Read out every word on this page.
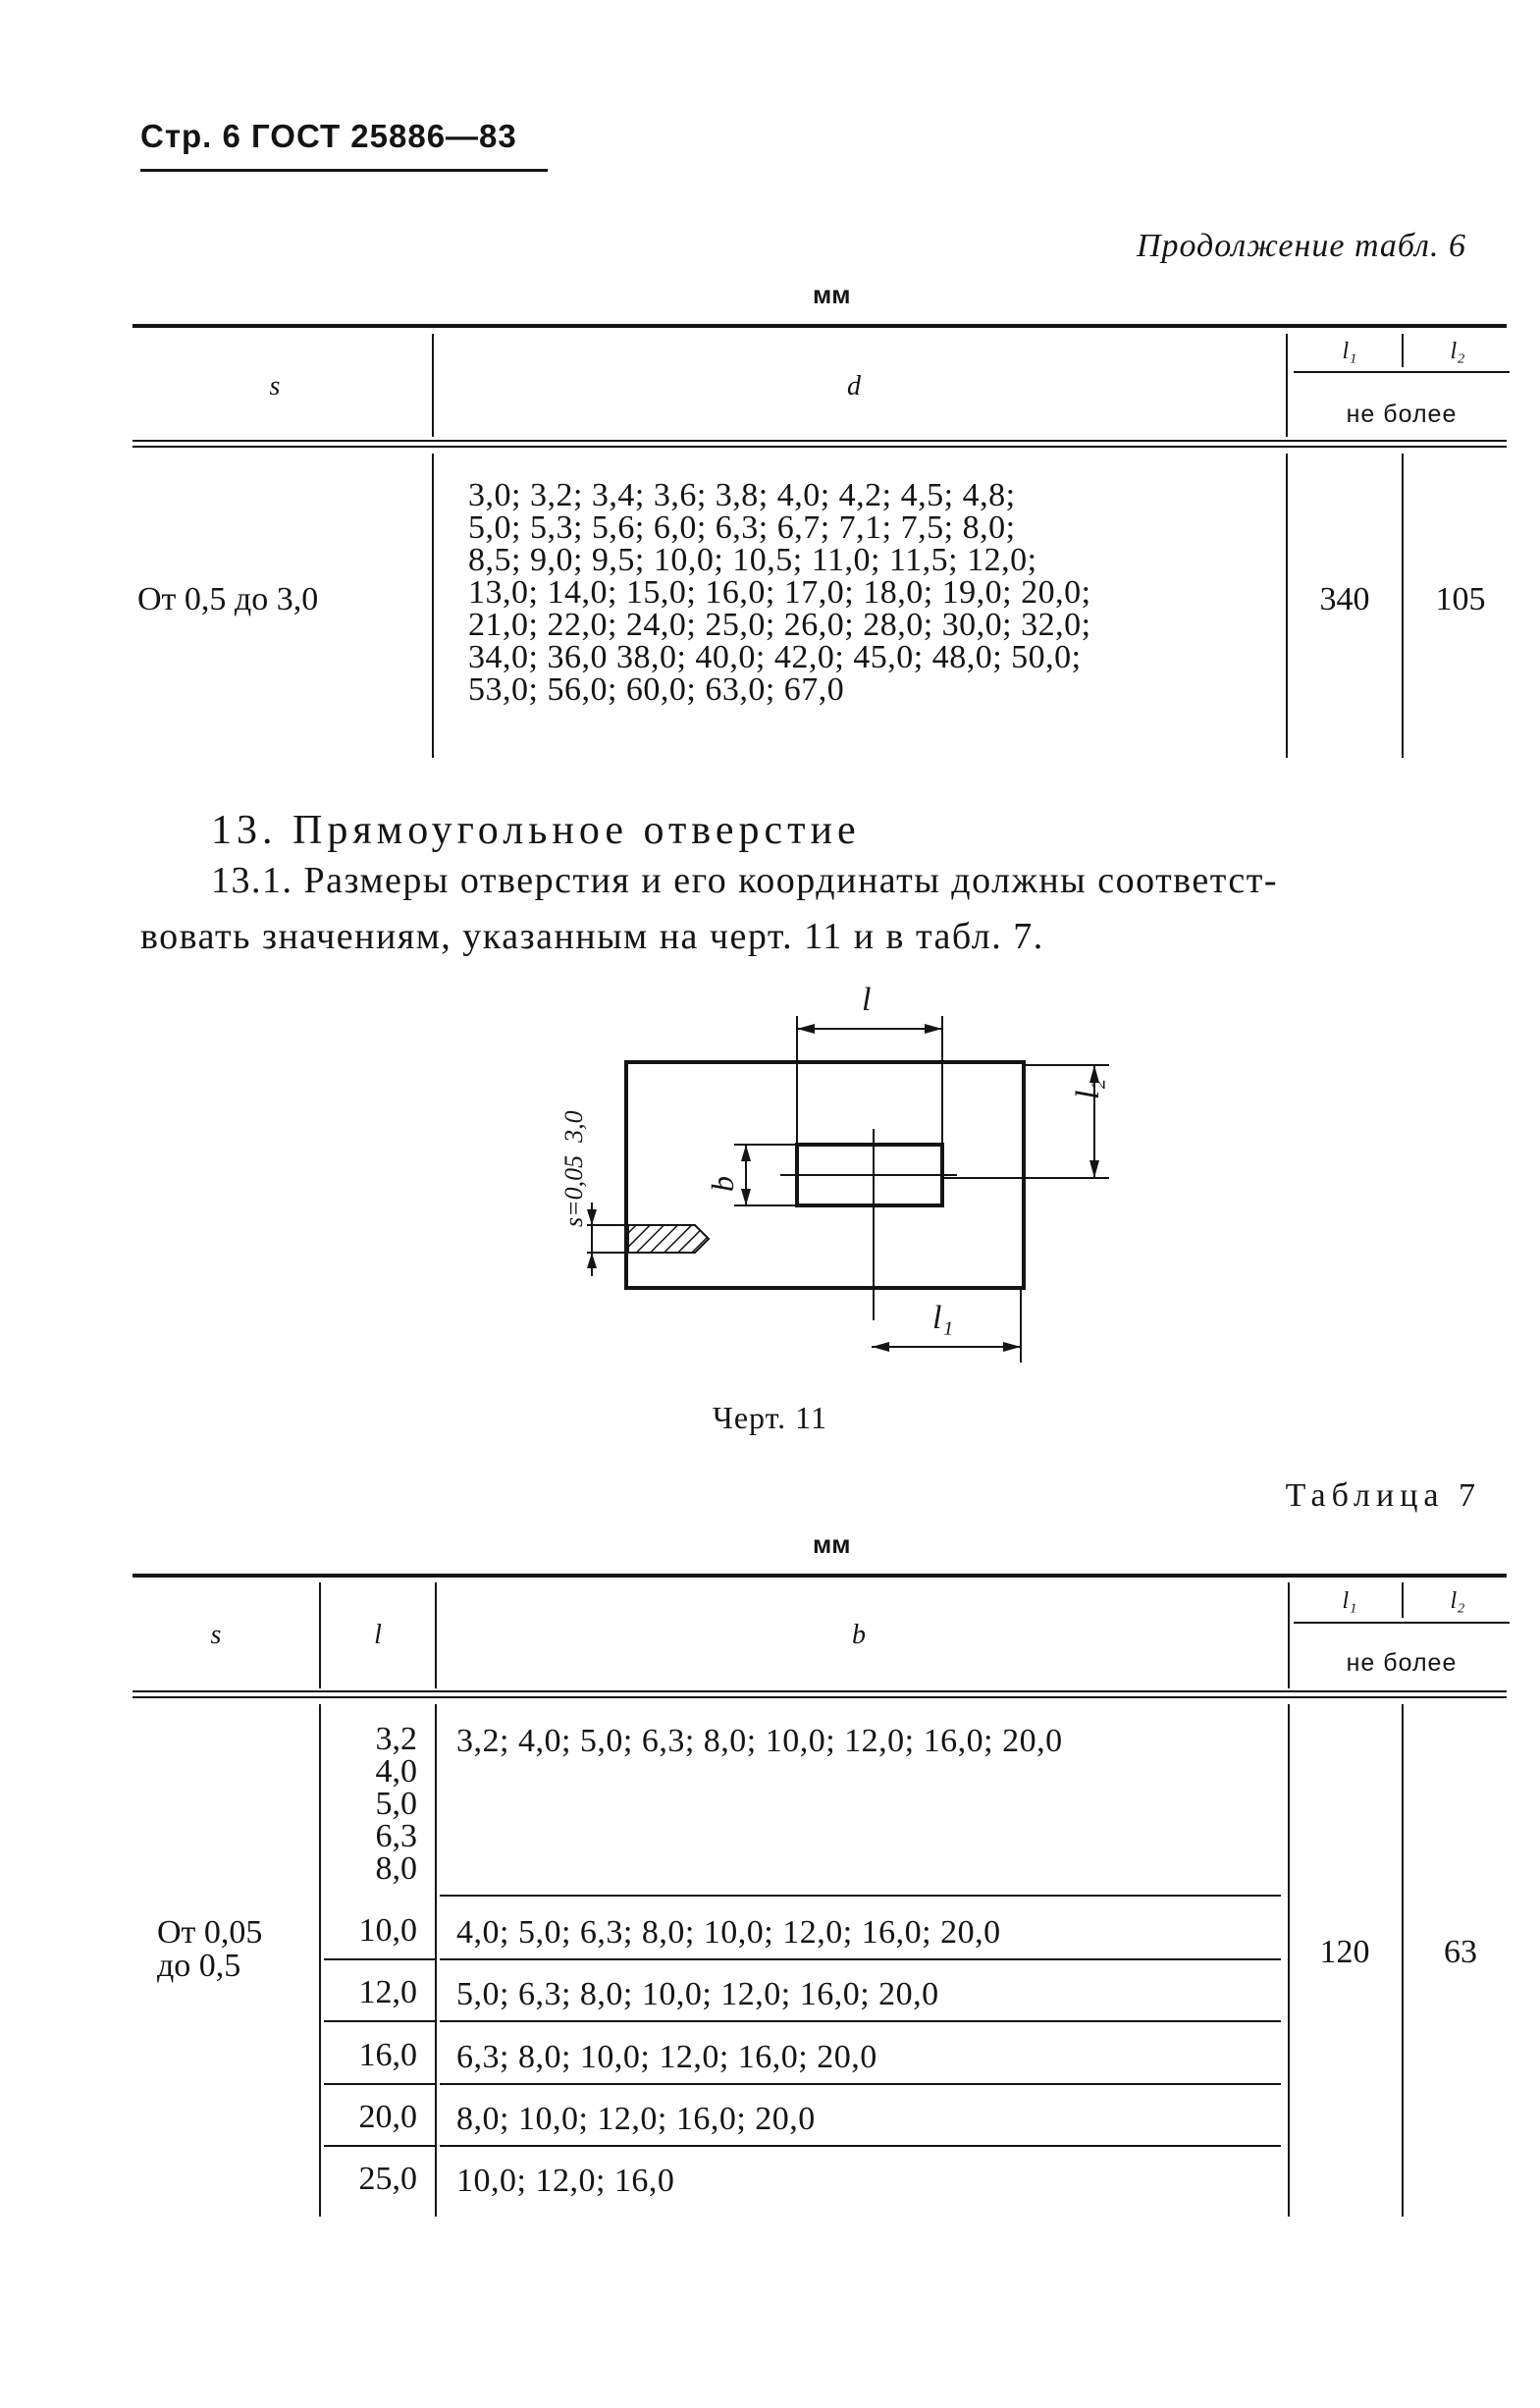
Стр. 6 ГОСТ 25886—83
Продолжение табл. 6
мм
s	d
l₁	l₂
не более
От 0,5 до 3,0
3,0; 3,2; 3,4; 3,6; 3,8; 4,0; 4,2; 4,5; 4,8;
5,0; 5,3; 5,6; 6,0; 6,3; 6,7; 7,1; 7,5; 8,0;
8,5; 9,0; 9,5; 10,0; 10,5; 11,0; 11,5; 12,0;
13,0; 14,0; 15,0; 16,0; 17,0; 18,0; 19,0; 20,0;
21,0; 22,0; 24,0; 25,0; 26,0; 28,0; 30,0; 32,0;
34,0; 36,0 38,0; 40,0; 42,0; 45,0; 48,0; 50,0;
53,0; 56,0; 60,0; 63,0; 67,0
340	105
13. Прямоугольное отверстие
13.1. Размеры отверстия и его координаты должны соответст-
вовать значениям, указанным на черт. 11 и в табл. 7.
l
l₂
l₁
b
s=0,05  3,0
Черт. 11
Таблица 7
мм
s	l	b
l₁	l₂
не более
От 0,05
до 0,5
3,2
4,0
5,0
6,3
8,0
3,2; 4,0; 5,0; 6,3; 8,0; 10,0; 12,0; 16,0; 20,0
10,0 4,0; 5,0; 6,3; 8,0; 10,0; 12,0; 16,0; 20,0
12,0 5,0; 6,3; 8,0; 10,0; 12,0; 16,0; 20,0
16,0 6,3; 8,0; 10,0; 12,0; 16,0; 20,0
20,0 8,0; 10,0; 12,0; 16,0; 20,0
25,0 10,0; 12,0; 16,0
120	63
